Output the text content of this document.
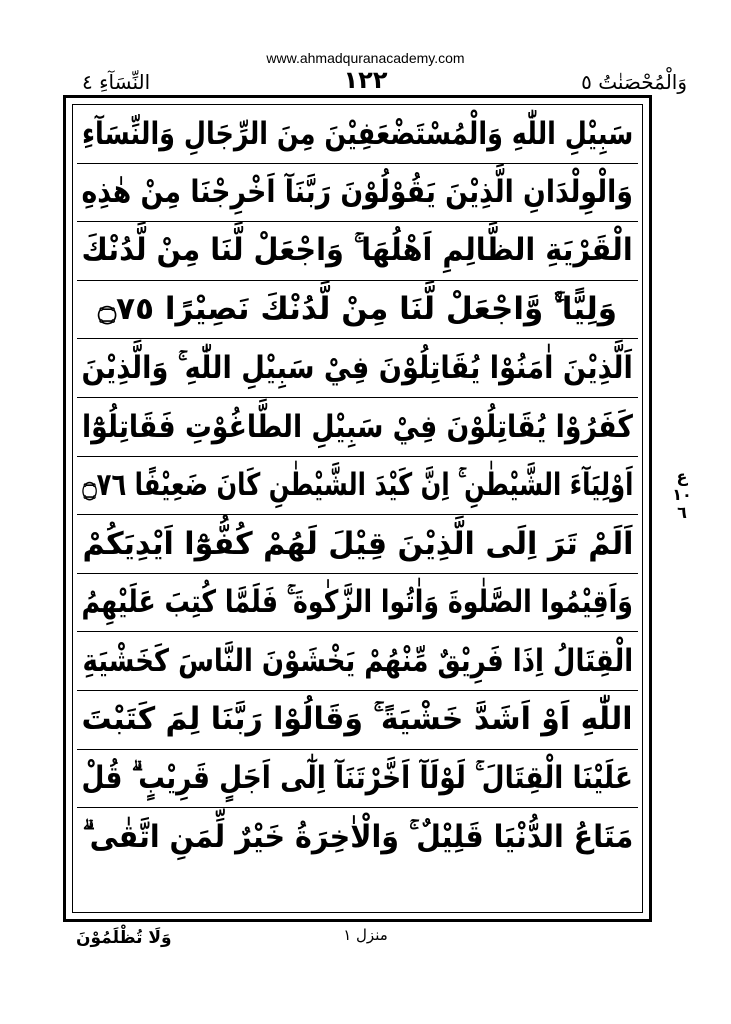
www.ahmadquranacademy.com
وَالْمُحْصَنٰتُ ٥
١٢٢
النِّسَآءِ ٤
سَبِيْلِ اللّٰهِ وَالْمُسْتَضْعَفِيْنَ مِنَ الرِّجَالِ وَالنِّسَآءِ
وَالْوِلْدَانِ الَّذِيْنَ يَقُوْلُوْنَ رَبَّنَآ اَخْرِجْنَا مِنْ هٰذِهِ
الْقَرْيَةِ الظَّالِمِ اَهْلُهَا ۚ وَاجْعَلْ لَّنَا مِنْ لَّدُنْكَ
وَلِيًّا ۙۚ وَّاجْعَلْ لَّنَا مِنْ لَّدُنْكَ نَصِيْرًا ۝٧٥
اَلَّذِيْنَ اٰمَنُوْا يُقَاتِلُوْنَ فِيْ سَبِيْلِ اللّٰهِ ۚ وَالَّذِيْنَ
كَفَرُوْا يُقَاتِلُوْنَ فِيْ سَبِيْلِ الطَّاغُوْتِ فَقَاتِلُوْٓا
اَوْلِيَآءَ الشَّيْطٰنِ ۚ اِنَّ كَيْدَ الشَّيْطٰنِ كَانَ ضَعِيْفًا ۝٧٦
اَلَمْ تَرَ اِلَى الَّذِيْنَ قِيْلَ لَهُمْ كُفُّوْٓا اَيْدِيَكُمْ
وَاَقِيْمُوا الصَّلٰوةَ وَاٰتُوا الزَّكٰوةَ ۚ فَلَمَّا كُتِبَ عَلَيْهِمُ
الْقِتَالُ اِذَا فَرِيْقٌ مِّنْهُمْ يَخْشَوْنَ النَّاسَ كَخَشْيَةِ
اللّٰهِ اَوْ اَشَدَّ خَشْيَةً ۚ وَقَالُوْا رَبَّنَا لِمَ كَتَبْتَ
عَلَيْنَا الْقِتَالَ ۚ لَوْلَآ اَخَّرْتَنَآ اِلٰٓى اَجَلٍ قَرِيْبٍ ۗ قُلْ
مَتَاعُ الدُّنْيَا قَلِيْلٌ ۚ وَالْاٰخِرَةُ خَيْرٌ لِّمَنِ اتَّقٰى ۗ
ع
١٠
٦
وَلَا تُظْلَمُوْنَ	منزل ١
